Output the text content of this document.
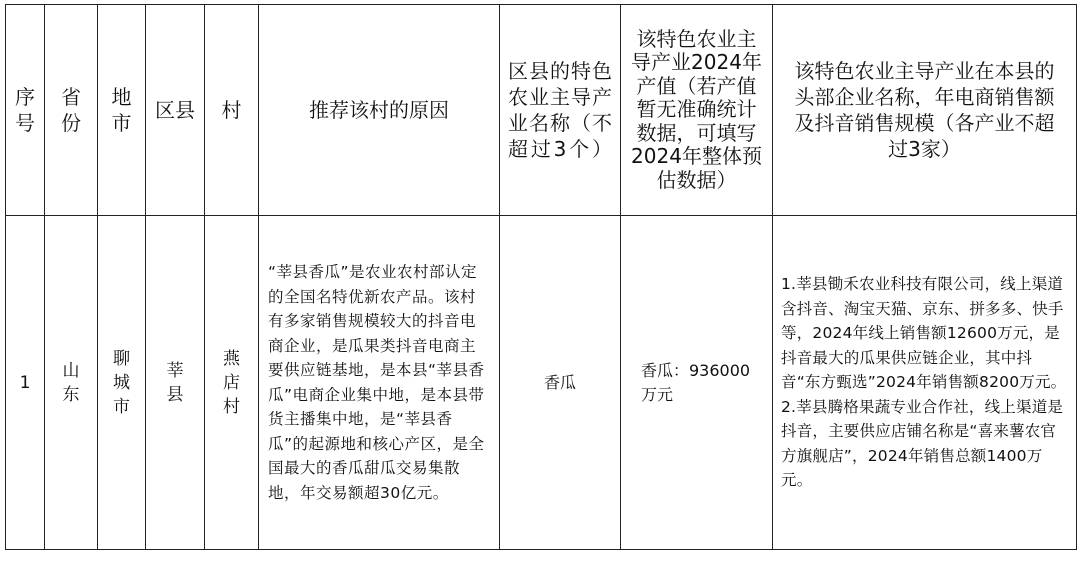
序号	省份	地市	区县	村	推荐该村的原因	区县的特色农业主导产业名称（不超过3个）	该特色农业主导产业2024年产值（若产值暂无准确统计数据，可填写2024年整体预估数据）	该特色农业主导产业在本县的头部企业名称，年电商销售额及抖音销售规模（各产业不超过3家）

1	山东	聊城市	莘县	燕店村	“莘县香瓜”是农业农村部认定的全国名特优新农产品。该村有多家销售规模较大的抖音电商企业，是瓜果类抖音电商主要供应链基地，是本县“莘县香瓜”电商企业集中地，是本县带货主播集中地，是“莘县香瓜”的起源地和核心产区，是全国最大的香瓜甜瓜交易集散地，年交易额超30亿元。	香瓜	香瓜：936000万元	1.莘县锄禾农业科技有限公司，线上渠道含抖音、淘宝天猫、京东、拼多多、快手等，2024年线上销售额12600万元，是抖音最大的瓜果供应链企业，其中抖音“东方甄选”2024年销售额8200万元。
2.莘县腾格果蔬专业合作社，线上渠道是抖音，主要供应店铺名称是“喜来薯农官方旗舰店”，2024年销售总额1400万元。
